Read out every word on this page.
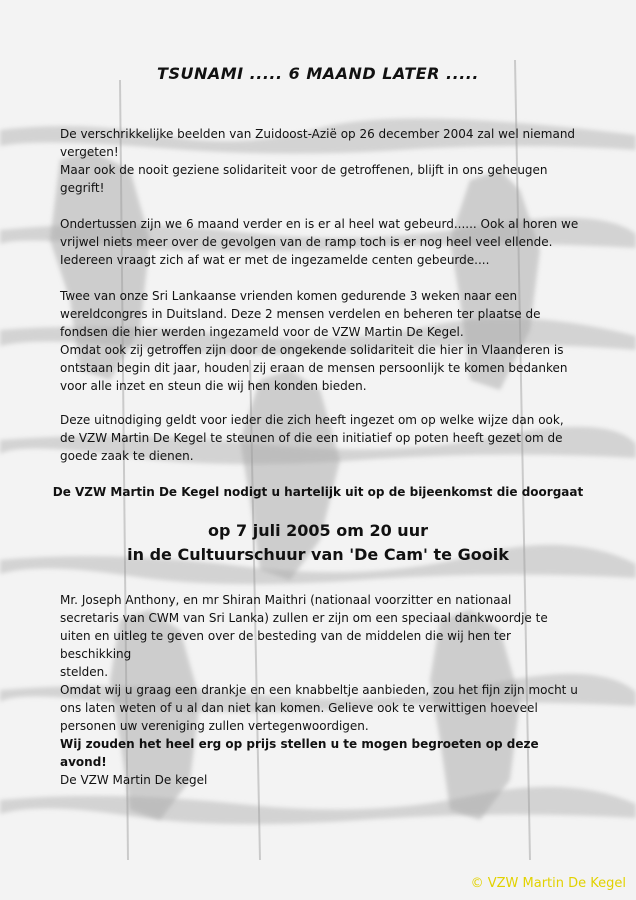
TSUNAMI ..... 6 MAAND LATER .....

De verschrikkelijke beelden van Zuidoost-Azië op 26 december 2004 zal wel niemand
vergeten!
Maar ook de nooit geziene solidariteit voor de getroffenen, blijft in ons geheugen
gegrift!

Ondertussen zijn we 6 maand verder en is er al heel wat gebeurd...... Ook al horen we
vrijwel niets meer over de gevolgen van de ramp toch is er nog heel veel ellende.
Iedereen vraagt zich af wat er met de ingezamelde centen gebeurde....

Twee van onze Sri Lankaanse vrienden komen gedurende 3 weken naar een
wereldcongres in Duitsland. Deze 2 mensen verdelen en beheren ter plaatse de
fondsen die hier werden ingezameld voor de VZW Martin De Kegel.
Omdat ook zij getroffen zijn door de ongekende solidariteit die hier in Vlaanderen is
ontstaan begin dit jaar, houden zij eraan de mensen persoonlijk te komen bedanken
voor alle inzet en steun die wij hen konden bieden.

Deze uitnodiging geldt voor ieder die zich heeft ingezet om op welke wijze dan ook,
de VZW Martin De Kegel te steunen of die een initiatief op poten heeft gezet om de
goede zaak te dienen.

De VZW Martin De Kegel nodigt u hartelijk uit op de bijeenkomst die doorgaat

op 7 juli 2005 om 20 uur

in de Cultuurschuur van 'De Cam' te Gooik

Mr. Joseph Anthony, en mr Shiran Maithri (nationaal voorzitter en nationaal
secretaris van CWM van Sri Lanka) zullen er zijn om een speciaal dankwoordje te
uiten en uitleg te geven over de besteding van de middelen die wij hen ter beschikking
stelden.

Omdat wij u graag een drankje en een knabbeltje aanbieden, zou het fijn zijn mocht u
ons laten weten of u al dan niet kan komen. Gelieve ook te verwittigen hoeveel
personen uw vereniging zullen vertegenwoordigen.
Wij zouden het heel erg op prijs stellen u te mogen begroeten op deze avond!

De VZW Martin De kegel

© VZW Martin De Kegel
